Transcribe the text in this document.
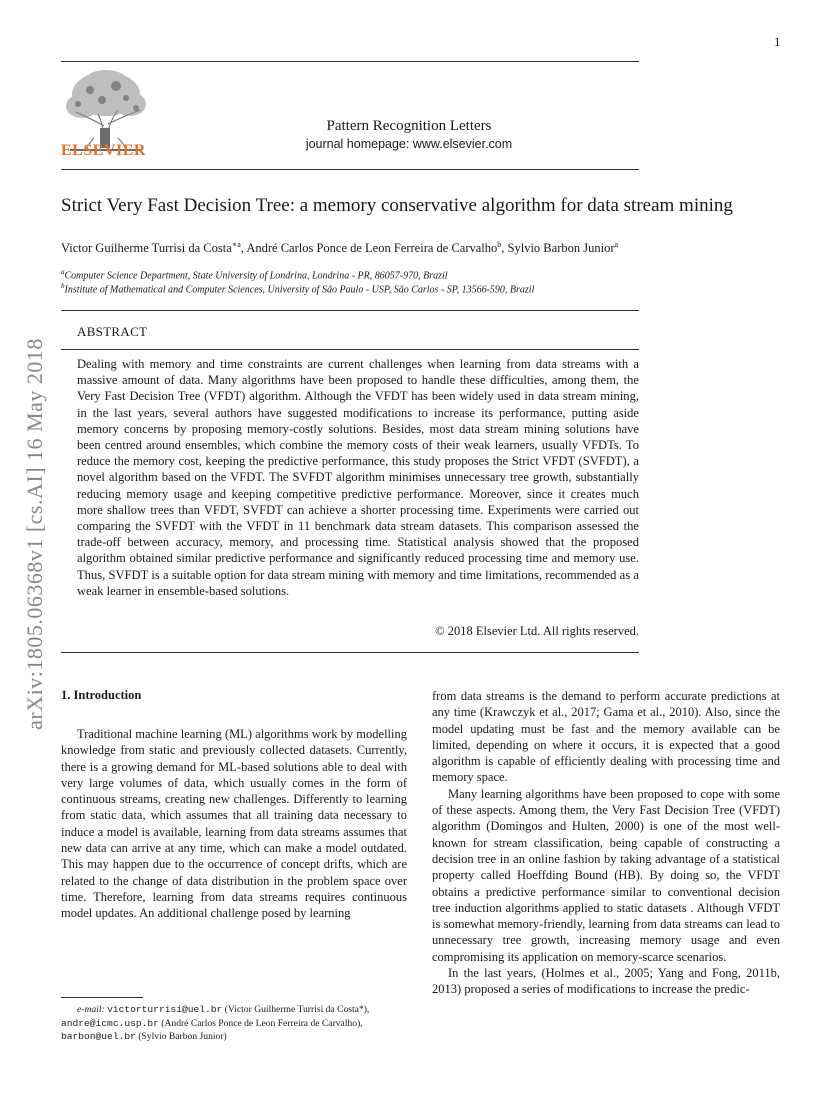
1
ELSEVIER
Pattern Recognition Letters
journal homepage: www.elsevier.com
Strict Very Fast Decision Tree: a memory conservative algorithm for data stream mining
Victor Guilherme Turrisi da Costa$^{∗a}$, André Carlos Ponce de Leon Ferreira de Carvalho$^b$, Sylvio Barbon Junior$^a$
$^a$Computer Science Department, State University of Londrina, Londrina - PR, 86057-970, Brazil
$^b$Institute of Mathematical and Computer Sciences, University of São Paulo - USP, São Carlos - SP, 13566-590, Brazil
ABSTRACT
Dealing with memory and time constraints are current challenges when learning from data streams with a massive amount of data. Many algorithms have been proposed to handle these difficulties, among them, the Very Fast Decision Tree (VFDT) algorithm. Although the VFDT has been widely used in data stream mining, in the last years, several authors have suggested modifications to increase its performance, putting aside memory concerns by proposing memory-costly solutions. Besides, most data stream mining solutions have been centred around ensembles, which combine the memory costs of their weak learners, usually VFDTs. To reduce the memory cost, keeping the predictive performance, this study proposes the Strict VFDT (SVFDT), a novel algorithm based on the VFDT. The SVFDT algorithm minimises unnecessary tree growth, substantially reducing memory usage and keeping competitive predictive performance. Moreover, since it creates much more shallow trees than VFDT, SVFDT can achieve a shorter processing time. Experiments were carried out comparing the SVFDT with the VFDT in 11 benchmark data stream datasets. This comparison assessed the trade-off between accuracy, memory, and processing time. Statistical analysis showed that the proposed algorithm obtained similar predictive performance and significantly reduced processing time and memory use. Thus, SVFDT is a suitable option for data stream mining with memory and time limitations, recommended as a weak learner in ensemble-based solutions.
© 2018 Elsevier Ltd. All rights reserved.
arXiv:1805.06368v1 [cs.AI] 16 May 2018 1. Introduction

Traditional machine learning (ML) algorithms work by modelling knowledge from static and previously collected datasets. Currently, there is a growing demand for ML-based solutions able to deal with very large volumes of data, which usually comes in the form of continuous streams, creating new challenges. Differently to learning from static data, which assumes that all training data necessary to induce a model is available, learning from data streams assumes that new data can arrive at any time, which can make a model outdated. This may happen due to the occurrence of concept drifts, which are related to the change of data distribution in the problem space over time. Therefore, learning from data streams requires continuous model updates. An additional challenge posed by learning

from data streams is the demand to perform accurate predictions at any time (Krawczyk et al., 2017; Gama et al., 2010). Also, since the model updating must be fast and the memory available can be limited, depending on where it occurs, it is expected that a good algorithm is capable of efficiently dealing with processing time and memory space.

Many learning algorithms have been proposed to cope with some of these aspects. Among them, the Very Fast Decision Tree (VFDT) algorithm (Domingos and Hulten, 2000) is one of the most well-known for stream classification, being capable of constructing a decision tree in an online fashion by taking advantage of a statistical property called Hoeffding Bound (HB). By doing so, the VFDT obtains a predictive performance similar to conventional decision tree induction algorithms applied to static datasets . Although VFDT is somewhat memory-friendly, learning from data streams can lead to unnecessary tree growth, increasing memory usage and even compromising its application on memory-scarce scenarios.

In the last years, (Holmes et al., 2005; Yang and Fong, 2011b, 2013) proposed a series of modifications to increase the predic-

e-mail: victorturrisi@uel.br (Victor Guilherme Turrisi da Costa*),
andre@icmc.usp.br (André Carlos Ponce de Leon Ferreira de Carvalho),
barbon@uel.br (Sylvio Barbon Junior)
